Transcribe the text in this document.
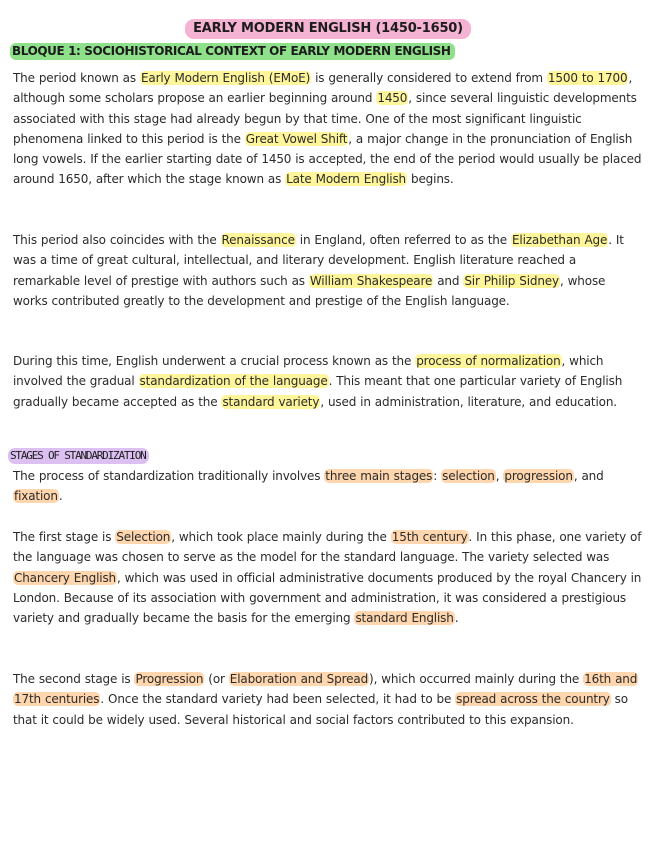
EARLY MODERN ENGLISH (1450-1650)
BLOQUE 1: SOCIOHISTORICAL CONTEXT OF EARLY MODERN ENGLISH

The period known as Early Modern English (EMoE) is generally considered to extend from 1500 to 1700, although some scholars propose an earlier beginning around 1450, since several linguistic developments associated with this stage had already begun by that time. One of the most significant linguistic phenomena linked to this period is the Great Vowel Shift, a major change in the pronunciation of English long vowels. If the earlier starting date of 1450 is accepted, the end of the period would usually be placed around 1650, after which the stage known as Late Modern English begins.

This period also coincides with the Renaissance in England, often referred to as the Elizabethan Age. It was a time of great cultural, intellectual, and literary development. English literature reached a remarkable level of prestige with authors such as William Shakespeare and Sir Philip Sidney, whose works contributed greatly to the development and prestige of the English language.

During this time, English underwent a crucial process known as the process of normalization, which involved the gradual standardization of the language. This meant that one particular variety of English gradually became accepted as the standard variety, used in administration, literature, and education.

STAGES OF STANDARDIZATION

The process of standardization traditionally involves three main stages: selection, progression, and fixation.

The first stage is Selection, which took place mainly during the 15th century. In this phase, one variety of the language was chosen to serve as the model for the standard language. The variety selected was Chancery English, which was used in official administrative documents produced by the royal Chancery in London. Because of its association with government and administration, it was considered a prestigious variety and gradually became the basis for the emerging standard English.

The second stage is Progression (or Elaboration and Spread), which occurred mainly during the 16th and 17th centuries. Once the standard variety had been selected, it had to be spread across the country so that it could be widely used. Several historical and social factors contributed to this expansion.
